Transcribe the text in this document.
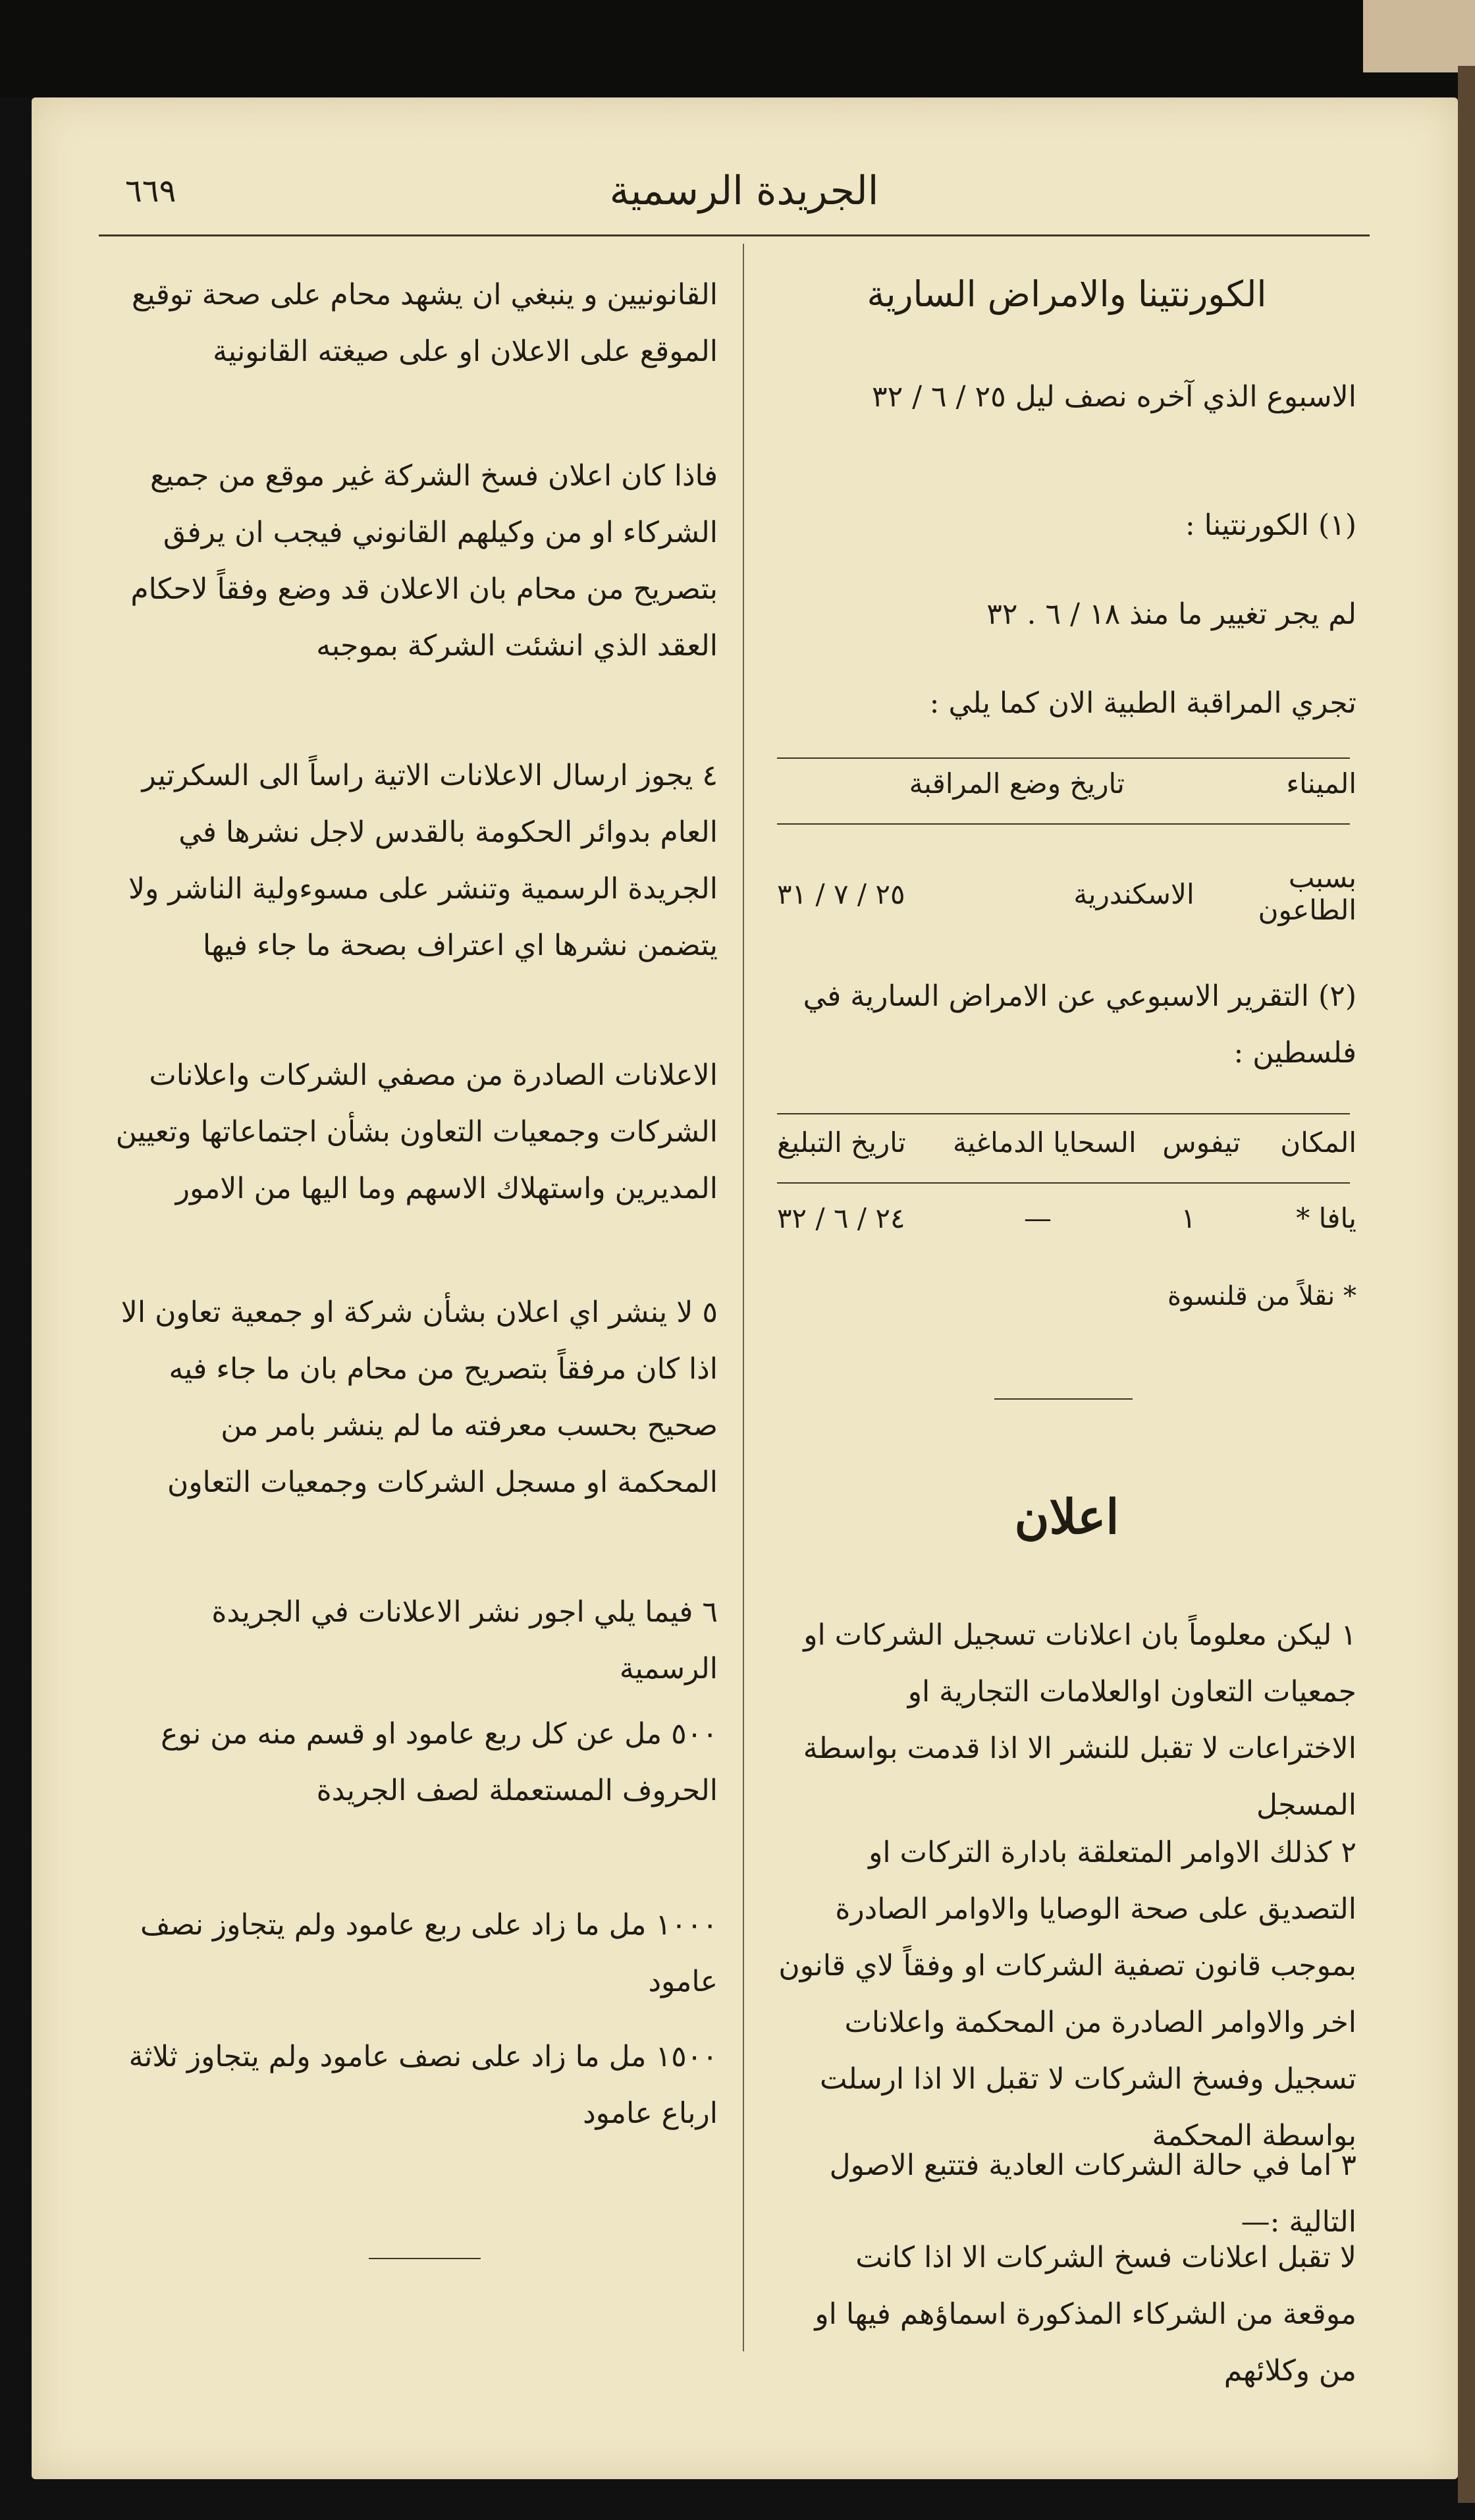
الجريدة الرسمية
٦٦٩
الكورنتينا والامراض السارية
الاسبوع الذي آخره نصف ليل ٢٥ / ٦ / ٣٢
(١) الكورنتينا :
لم يجر تغيير ما منذ ١٨ / ٦ . ٣٢
تجري المراقبة الطبية الان كما يلي :
الميناء	تاريخ وضع المراقبة
بسبب الطاعون	الاسكندرية	٢٥ / ٧ / ٣١
(٢) التقرير الاسبوعي عن الامراض السارية في فلسطين :
المكان	تيفوس	السحايا الدماغية	تاريخ التبليغ
يافا *	١	—	٢٤ / ٦ / ٣٢
* نقلاً من قلنسوة
اعلان
١ ليكن معلوماً بان اعلانات تسجيل الشركات او جمعيات التعاون اوالعلامات التجارية او الاختراعات لا تقبل للنشر الا اذا قدمت بواسطة المسجل
٢ كذلك الاوامر المتعلقة بادارة التركات او التصديق على صحة الوصايا والاوامر الصادرة بموجب قانون تصفية الشركات او وفقاً لاي قانون اخر والاوامر الصادرة من المحكمة واعلانات تسجيل وفسخ الشركات لا تقبل الا اذا ارسلت بواسطة المحكمة
٣ اما في حالة الشركات العادية فتتبع الاصول التالية :—
لا تقبل اعلانات فسخ الشركات الا اذا كانت موقعة من الشركاء المذكورة اسماؤهم فيها او من وكلائهم
القانونيين و ينبغي ان يشهد محام على صحة توقيع الموقع على الاعلان او على صيغته القانونية
فاذا كان اعلان فسخ الشركة غير موقع من جميع الشركاء او من وكيلهم القانوني فيجب ان يرفق بتصريح من محام بان الاعلان قد وضع وفقاً لاحكام العقد الذي انشئت الشركة بموجبه
٤ يجوز ارسال الاعلانات الاتية راساً الى السكرتير العام بدوائر الحكومة بالقدس لاجل نشرها في الجريدة الرسمية وتنشر على مسوءولية الناشر ولا يتضمن نشرها اي اعتراف بصحة ما جاء فيها
الاعلانات الصادرة من مصفي الشركات واعلانات الشركات وجمعيات التعاون بشأن اجتماعاتها وتعيين المديرين واستهلاك الاسهم وما اليها من الامور
٥ لا ينشر اي اعلان بشأن شركة او جمعية تعاون الا اذا كان مرفقاً بتصريح من محام بان ما جاء فيه صحيح بحسب معرفته ما لم ينشر بامر من المحكمة او مسجل الشركات وجمعيات التعاون
٦ فيما يلي اجور نشر الاعلانات في الجريدة الرسمية
٥٠٠ مل عن كل ربع عامود او قسم منه من نوع الحروف المستعملة لصف الجريدة
١٠٠٠ مل ما زاد على ربع عامود ولم يتجاوز نصف عامود
١٥٠٠ مل ما زاد على نصف عامود ولم يتجاوز ثلاثة ارباع عامود
